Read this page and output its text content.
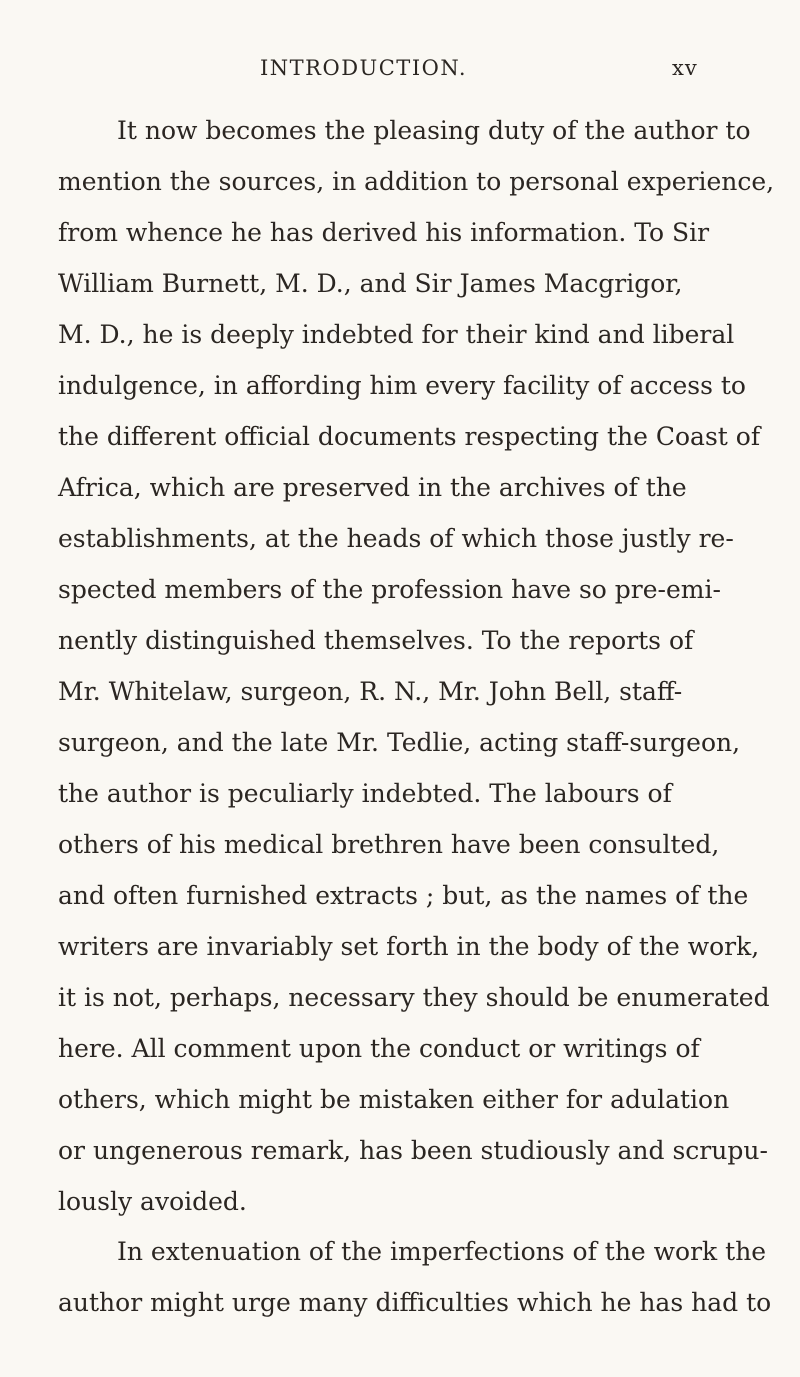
INTRODUCTION.	xv
It now becomes the pleasing duty of the author to
mention the sources, in addition to personal experience,
from whence he has derived his information. To Sir
William Burnett, M. D., and Sir James Macgrigor,
M. D., he is deeply indebted for their kind and liberal
indulgence, in affording him every facility of access to
the different official documents respecting the Coast of
Africa, which are preserved in the archives of the
establishments, at the heads of which those justly re-
spected members of the profession have so pre-emi-
nently distinguished themselves. To the reports of
Mr. Whitelaw, surgeon, R. N., Mr. John Bell, staff-
surgeon, and the late Mr. Tedlie, acting staff-surgeon,
the author is peculiarly indebted. The labours of
others of his medical brethren have been consulted,
and often furnished extracts ; but, as the names of the
writers are invariably set forth in the body of the work,
it is not, perhaps, necessary they should be enumerated
here. All comment upon the conduct or writings of
others, which might be mistaken either for adulation
or ungenerous remark, has been studiously and scrupu-
lously avoided.
In extenuation of the imperfections of the work the
author might urge many difficulties which he has had to
